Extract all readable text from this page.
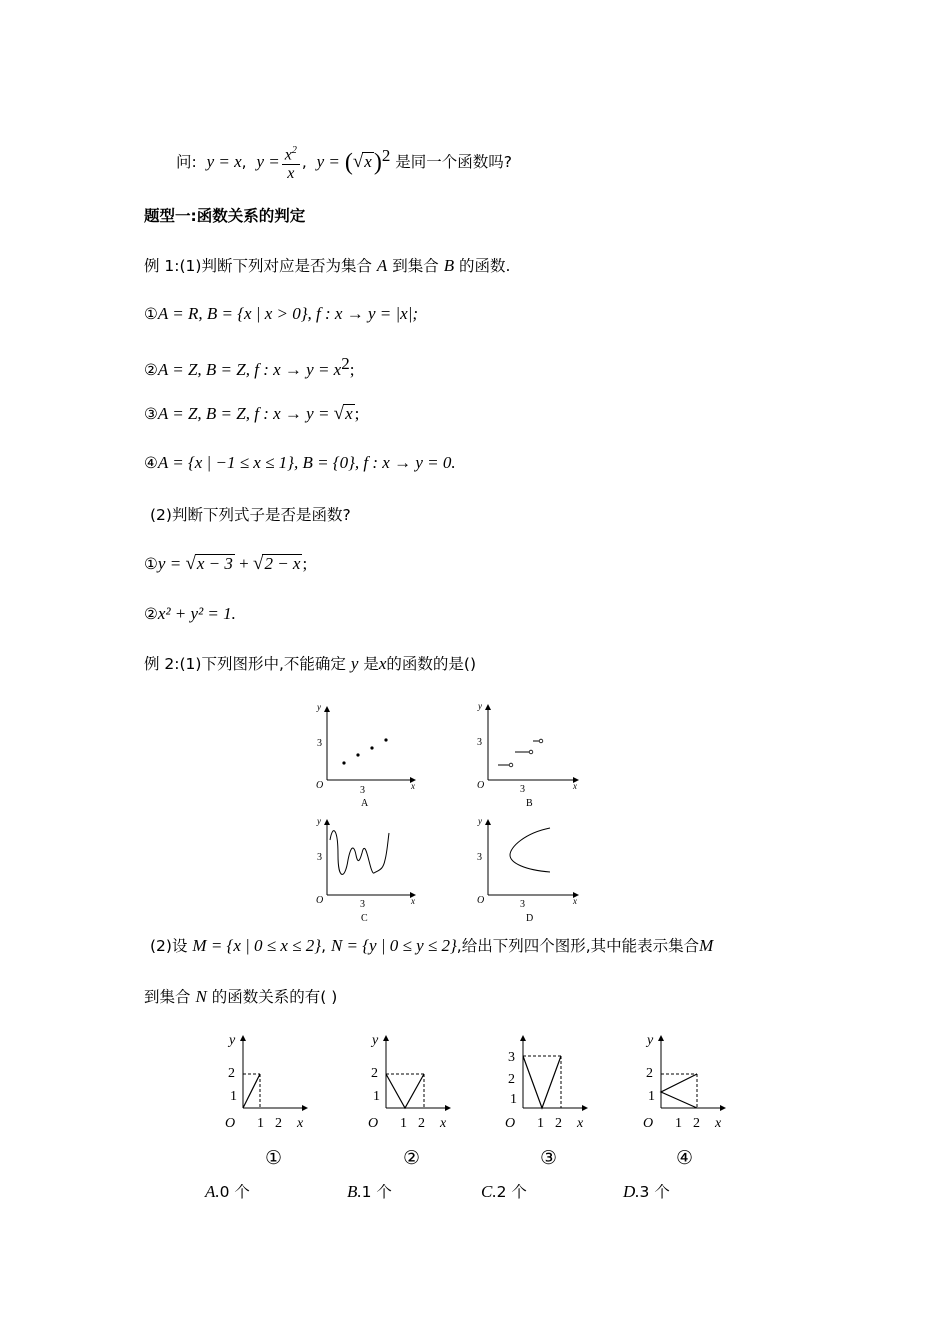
问: y = x,  $y = \frac{x^2}{x}$ ,  $y = (√x)^2$ 是同一个函数吗?
题型一:函数关系的判定
例 1:(1)判断下列对应是否为集合 A 到集合 B 的函数.
①A = R, B = {x | x > 0}, f : x → y = |x|;
②A = Z, B = Z, f : $x \to y = x^2$;
③A = Z, B = Z, f : x → y = √x ;
④A = {x | −1 ≤ x ≤ 1}, B = {0}, f : x → y = 0.
(2)判断下列式子是否是函数?
①y = √x − 3 + √2 − x ;
②x² + y² = 1.
例 2:(1)下列图形中,不能确定 y 是x的函数的是()
y
x
O
3
3
A
y
x
O
3
3
B
y
x
O
3
3
C
y
x
O
3
3
D
(2)设 M = {x | 0 ≤ x ≤ 2}, N = {y | 0 ≤ y ≤ 2},给出下列四个图形,其中能表示集合M
到集合 N 的函数关系的有( )
y
2
1
O 1 2 x
y
2
1
O 1 2 x
3
2
1
O 1 2 x
y
2
1
O 1 2 x
①	②	③	④
A.0 个	B.1 个	C.2 个	D.3 个
